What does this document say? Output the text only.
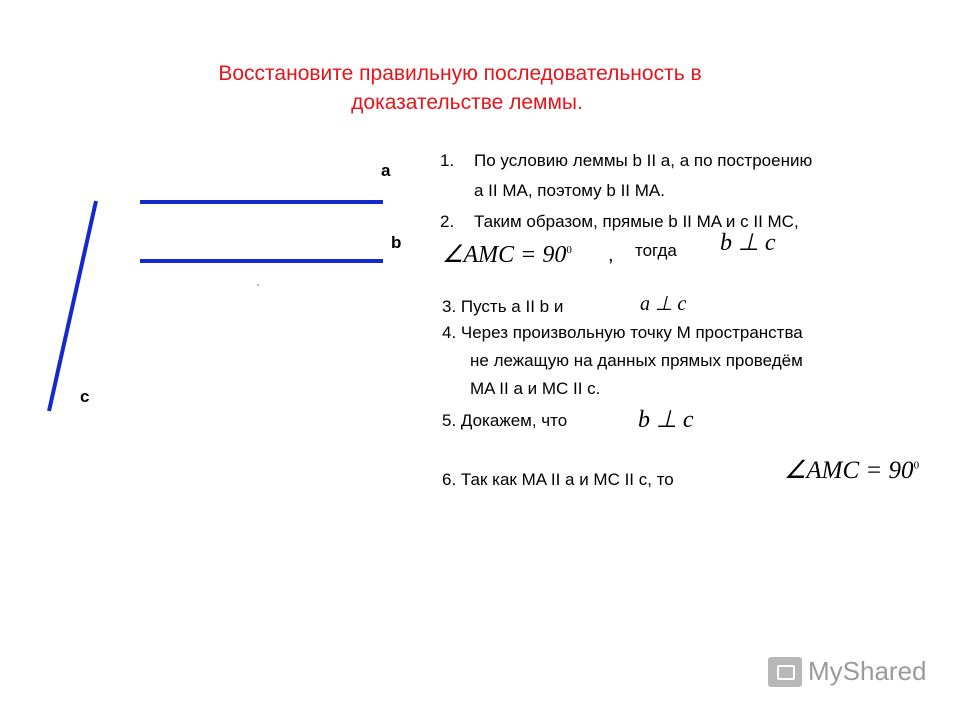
Восстановите правильную последовательность в
доказательстве леммы.
a
b
c
1. По условию леммы b II a, a по построению
a II MA, поэтому b II MA.
2. Таким образом, прямые b II MA и c II MC,
∠AMC = $90^0$ , тогда b ⊥ c
3. Пусть a II b и	a ⊥ c
4. Через произвольную точку М пространства
не лежащую на данных прямых проведём
MA II a и MC II c.
5. Докажем, что	b ⊥ c
6. Так как MA II a и MC II c, то	∠AMC = $90^0$
MyShared
